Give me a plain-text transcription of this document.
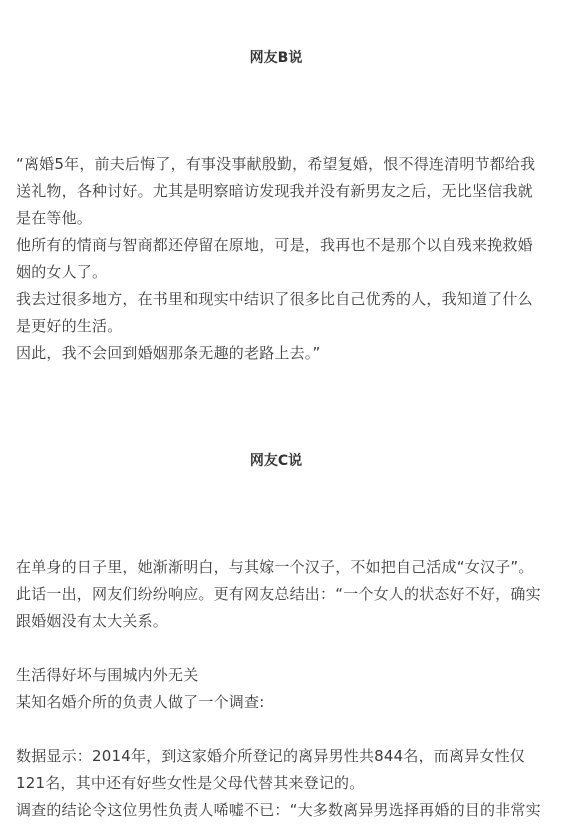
网友B说
“离婚5年，前夫后悔了，有事没事献殷勤，希望复婚，恨不得连清明节都给我送礼物，各种讨好。尤其是明察暗访发现我并没有新男友之后，无比坚信我就是在等他。
他所有的情商与智商都还停留在原地，可是，我再也不是那个以自残来挽救婚姻的女人了。
我去过很多地方，在书里和现实中结识了很多比自己优秀的人，我知道了什么是更好的生活。
因此，我不会回到婚姻那条无趣的老路上去。”
网友C说
在单身的日子里，她渐渐明白，与其嫁一个汉子，不如把自己活成“女汉子”。此话一出，网友们纷纷响应。更有网友总结出：“一个女人的状态好不好，确实跟婚姻没有太大关系。
生活得好坏与围城内外无关
某知名婚介所的负责人做了一个调查:
数据显示：2014年，到这家婚介所登记的离异男性共844名，而离异女性仅121名，其中还有好些女性是父母代替其来登记的。
调查的结论令这位男性负责人唏嘘不已：“大多数离异男选择再婚的目的非常实
